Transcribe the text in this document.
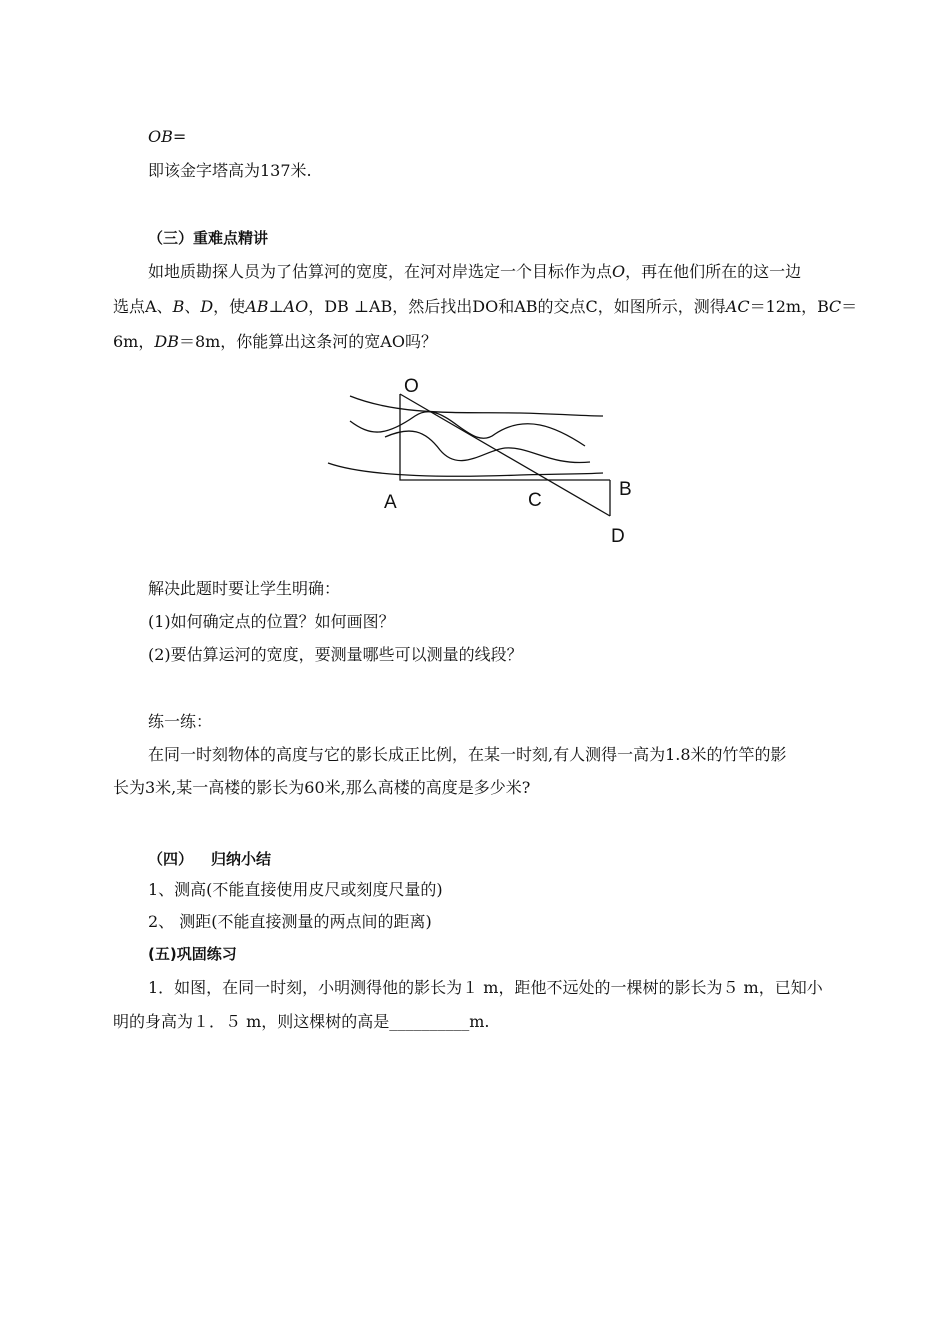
OB=
即该金字塔高为137米.
（三）重难点精讲
如地质勘探人员为了估算河的宽度，在河对岸选定一个目标作为点O，再在他们所在的这一边
选点A、B、D，使AB⊥AO，DB ⊥AB，然后找出DO和AB的交点C，如图所示，测得AC＝12m，BC＝
6m，DB＝8m，你能算出这条河的宽AO吗？
O
A	C
B
D
解决此题时要让学生明确：
(1)如何确定点的位置？如何画图？
(2)要估算运河的宽度，要测量哪些可以测量的线段？
练一练：
在同一时刻物体的高度与它的影长成正比例，在某一时刻,有人测得一高为1.8米的竹竿的影
长为3米,某一高楼的影长为60米,那么高楼的高度是多少米?
（四） 归纳小结
1、测高(不能直接使用皮尺或刻度尺量的)
2、 测距(不能直接测量的两点间的距离)
(五)巩固练习
1．如图，在同一时刻，小明测得他的影长为１ m，距他不远处的一棵树的影长为５ m，已知小
明的身高为１．５ m，则这棵树的高是__________m.
